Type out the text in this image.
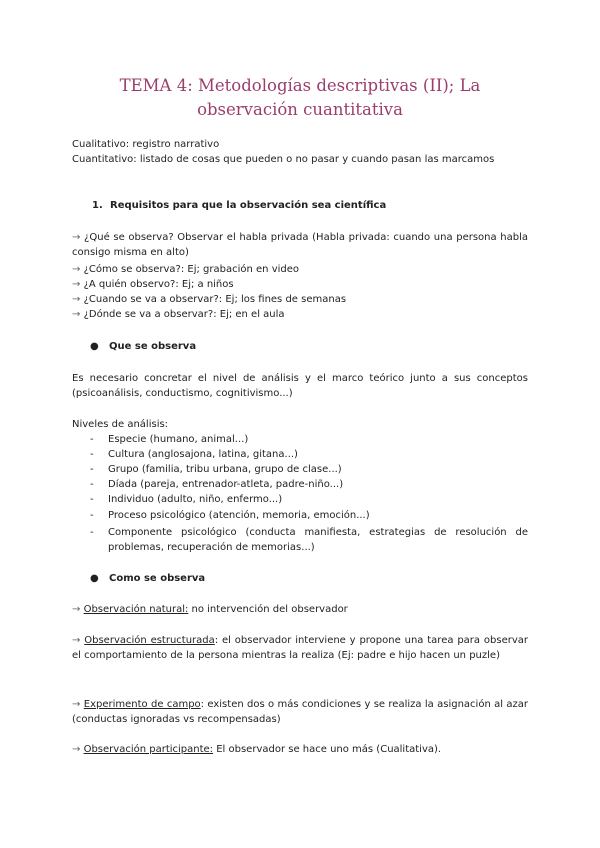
TEMA 4: Metodologías descriptivas (II); La
observación cuantitativa
Cualitativo: registro narrativo
Cuantitativo: listado de cosas que pueden o no pasar y cuando pasan las marcamos
1. Requisitos para que la observación sea científica
→ ¿Qué se observa? Observar el habla privada (Habla privada: cuando una persona habla consigo misma en alto)
→ ¿Cómo se observa?: Ej; grabación en video
→ ¿A quién observo?: Ej; a niños
→ ¿Cuando se va a observar?: Ej; los fines de semanas
→ ¿Dónde se va a observar?: Ej; en el aula
● Que se observa
Es necesario concretar el nivel de análisis y el marco teórico junto a sus conceptos (psicoanálisis, conductismo, cognitivismo...)
Niveles de análisis:
- Especie (humano, animal...)
- Cultura (anglosajona, latina, gitana...)
- Grupo (familia, tribu urbana, grupo de clase...)
- Díada (pareja, entrenador-atleta, padre-niño...)
- Individuo (adulto, niño, enfermo...)
- Proceso psicológico (atención, memoria, emoción...)
- Componente psicológico (conducta manifiesta, estrategias de resolución de problemas, recuperación de memorias...)
● Como se observa
→ Observación natural: no intervención del observador
→ Observación estructurada: el observador interviene y propone una tarea para observar el comportamiento de la persona mientras la realiza (Ej: padre e hijo hacen un puzle)
→ Experimento de campo: existen dos o más condiciones y se realiza la asignación al azar (conductas ignoradas vs recompensadas)
→ Observación participante: El observador se hace uno más (Cualitativa).
